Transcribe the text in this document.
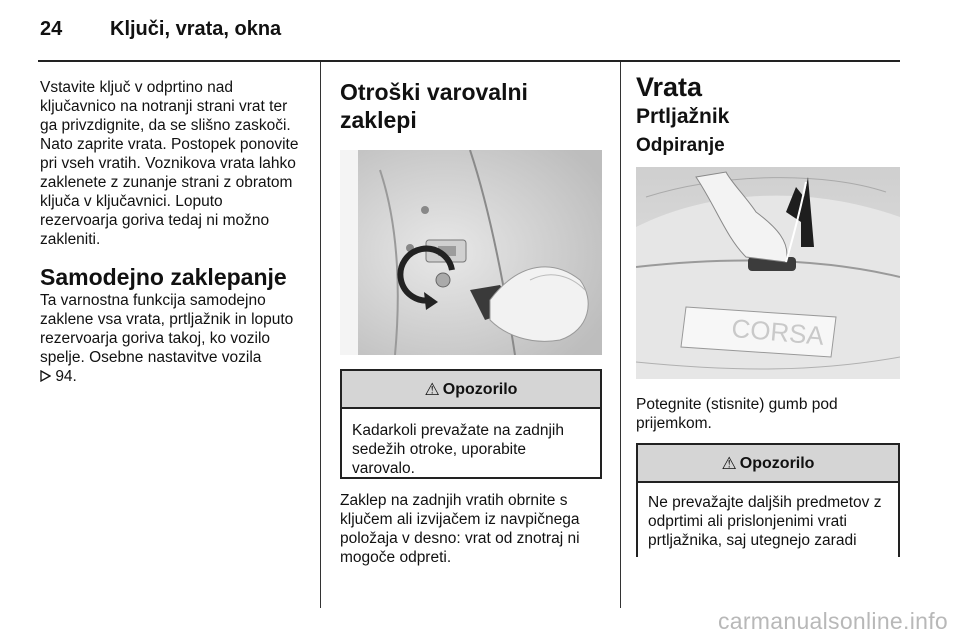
24 Ključi, vrata, okna

Vstavite ključ v odprtino nad
ključavnico na notranji strani vrat ter
ga privzdignite, da se slišno zaskoči.
Nato zaprite vrata. Postopek ponovite
pri vseh vratih. Voznikova vrata lahko
zaklenete z zunanje strani z obratom
ključa v ključavnici. Loputo
rezervoarja goriva tedaj ni možno
zakleniti.

Samodejno zaklepanje

Ta varnostna funkcija samodejno
zaklene vsa vrata, prtljažnik in loputo
rezervoarja goriva takoj, ko vozilo
spelje. Osebne nastavitve vozila
94.

Otroški varovalni zaklepi
⚠ Opozorilo
Kadarkoli prevažate na zadnjih
sedežih otroke, uporabite
varovalo.

Zaklep na zadnjih vratih obrnite s
ključem ali izvijačem iz navpičnega
položaja v desno: vrat od znotraj ni
mogoče odpreti.

Vrata
Prtljažnik
Odpiranje
CORSA

Potegnite (stisnite) gumb pod
prijemkom.

⚠ Opozorilo
Ne prevažajte daljših predmetov z
odprtimi ali prislonjenimi vrati
prtljažnika, saj utegnejo zaradi
carmanualsonline.info
